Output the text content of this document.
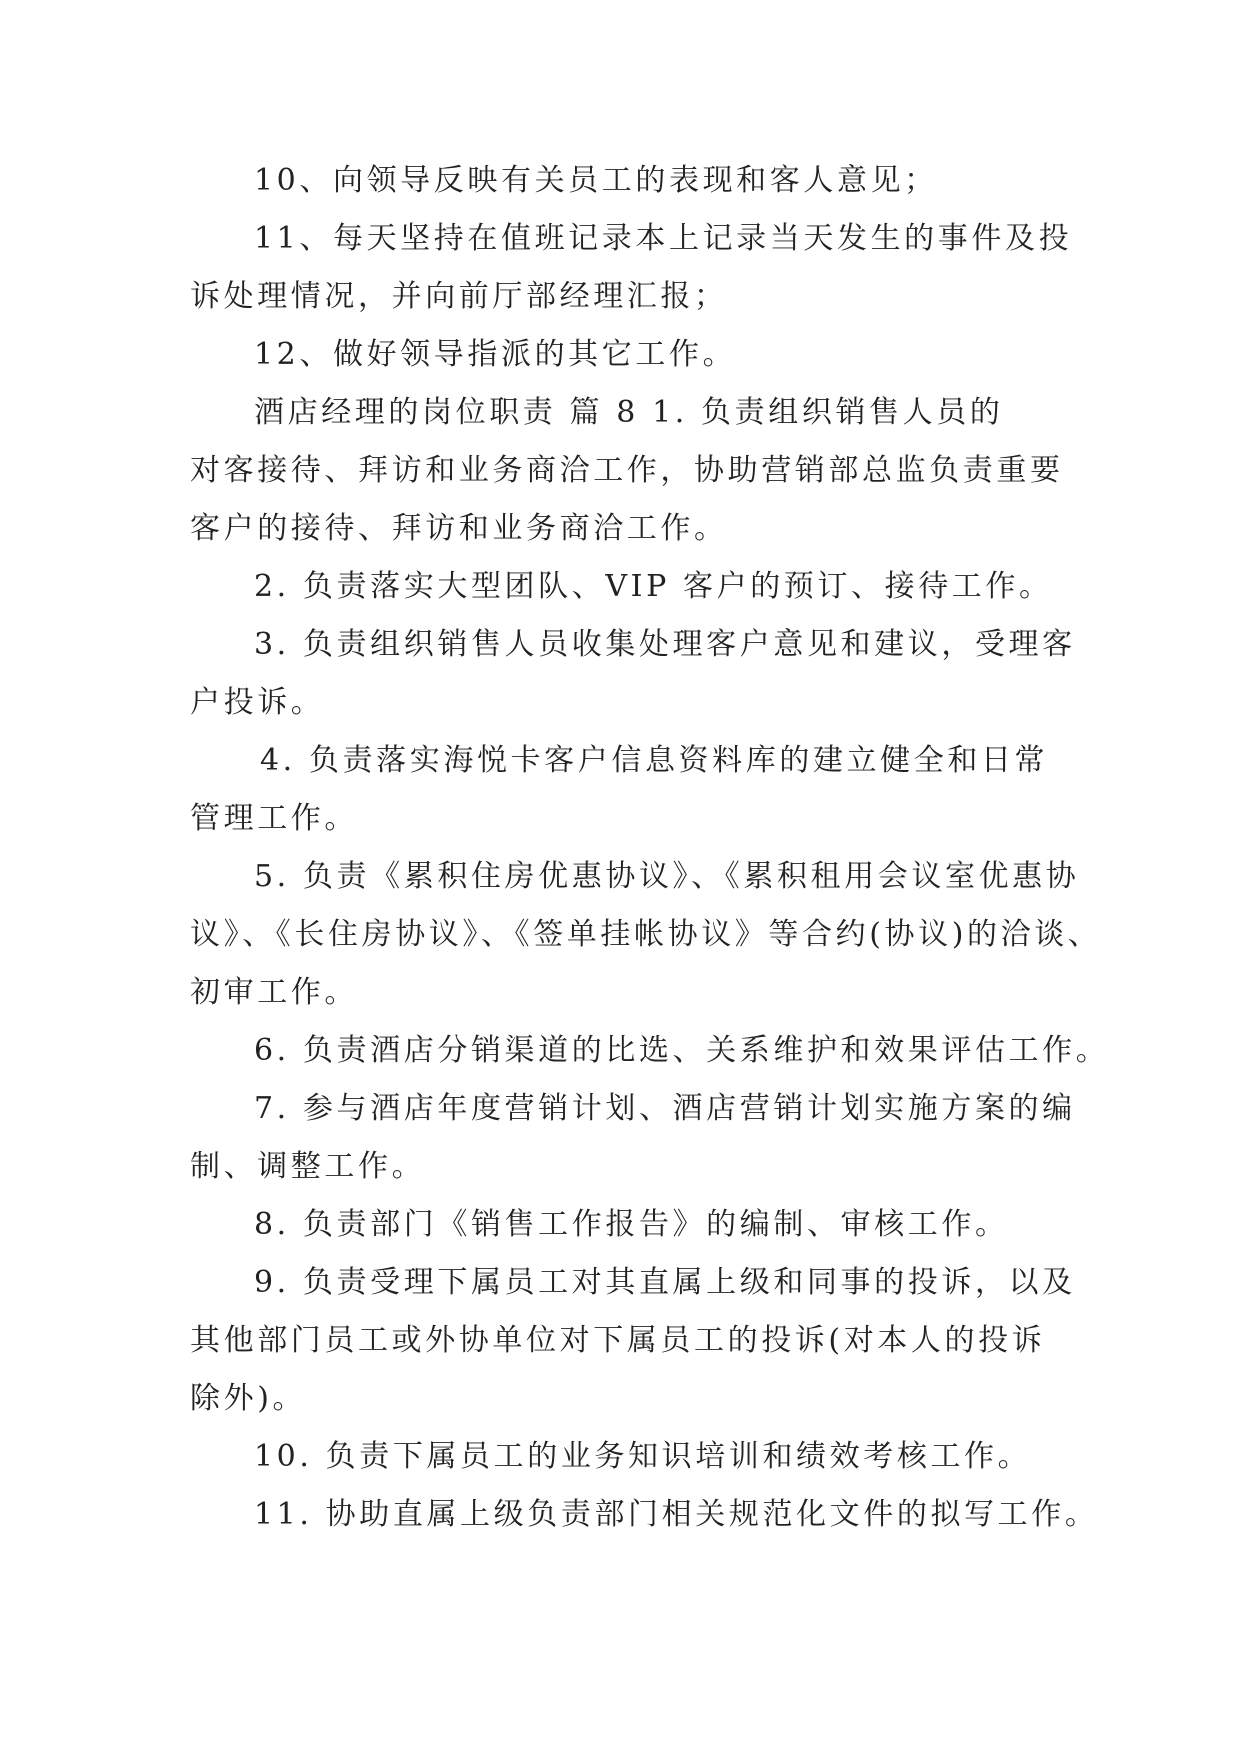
10、向领导反映有关员工的表现和客人意见；
11、每天坚持在值班记录本上记录当天发生的事件及投
诉处理情况，并向前厅部经理汇报；
12、做好领导指派的其它工作。
酒店经理的岗位职责 篇 8 1. 负责组织销售人员的
对客接待、拜访和业务商洽工作，协助营销部总监负责重要
客户的接待、拜访和业务商洽工作。
2. 负责落实大型团队、VIP 客户的预订、接待工作。
3. 负责组织销售人员收集处理客户意见和建议，受理客
户投诉。
4. 负责落实海悦卡客户信息资料库的建立健全和日常
管理工作。
5. 负责《累积住房优惠协议》、《累积租用会议室优惠协
议》、《长住房协议》、《签单挂帐协议》等合约(协议)的洽谈、
初审工作。
6. 负责酒店分销渠道的比选、关系维护和效果评估工作。
7. 参与酒店年度营销计划、酒店营销计划实施方案的编
制、调整工作。
8. 负责部门《销售工作报告》的编制、审核工作。
9. 负责受理下属员工对其直属上级和同事的投诉，以及
其他部门员工或外协单位对下属员工的投诉(对本人的投诉
除外)。
10. 负责下属员工的业务知识培训和绩效考核工作。
11. 协助直属上级负责部门相关规范化文件的拟写工作。
